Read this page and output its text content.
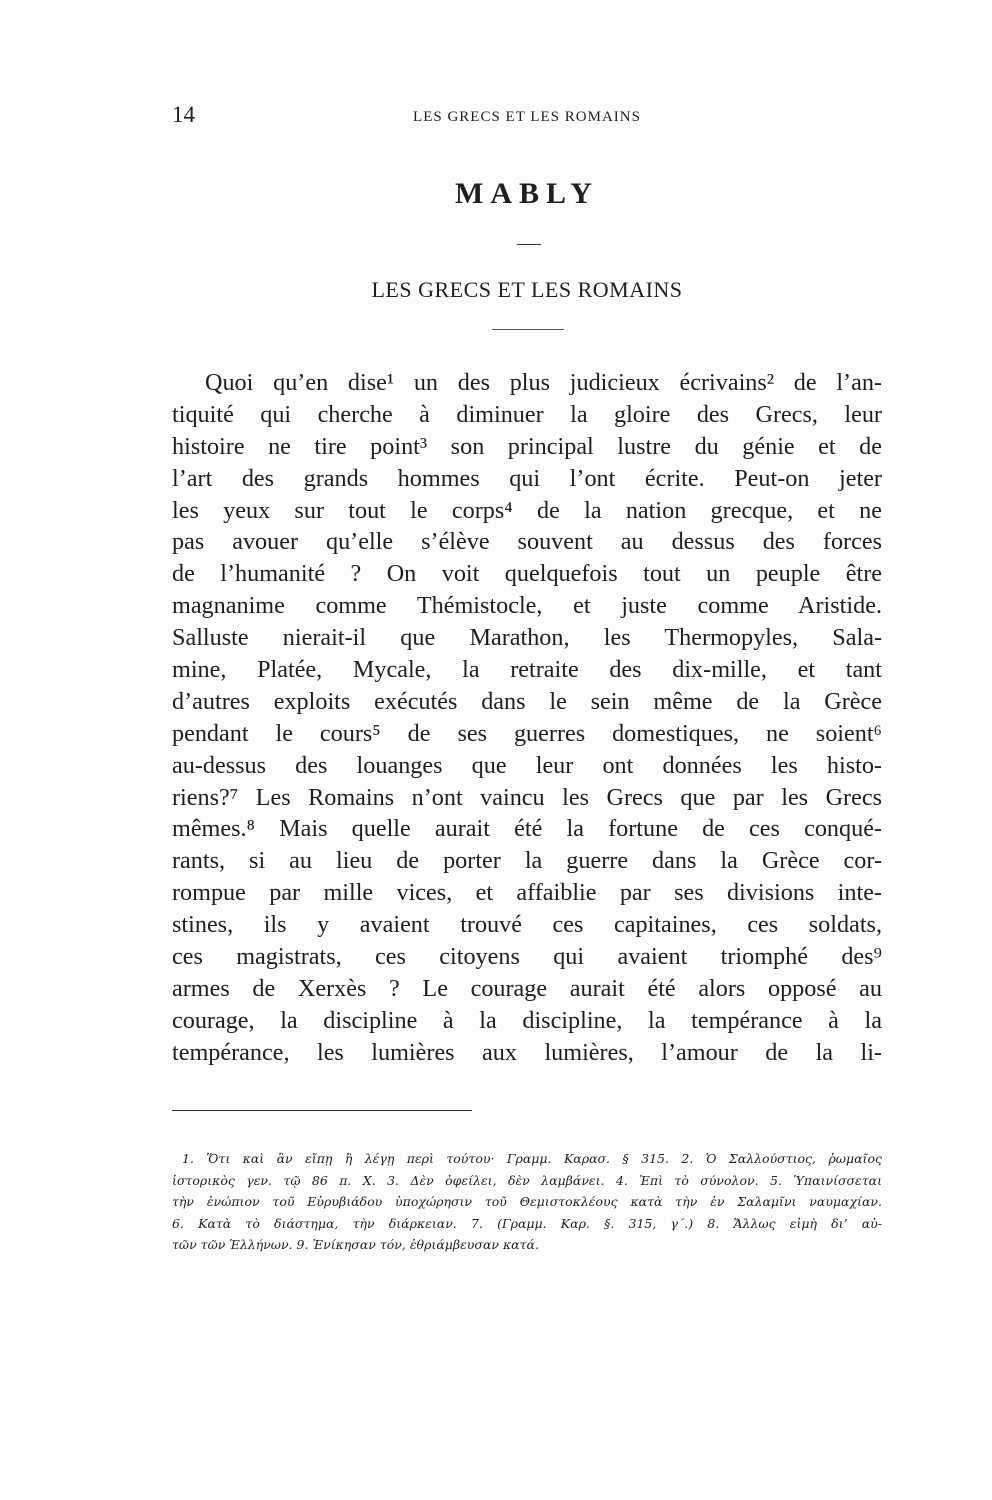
14	LES GRECS ET LES ROMAINS
MABLY
LES GRECS ET LES ROMAINS
Quoi qu’en dise¹ un des plus judicieux écrivains² de l’an-
tiquité qui cherche à diminuer la gloire des Grecs, leur
histoire ne tire point³ son principal lustre du génie et de
l’art des grands hommes qui l’ont écrite. Peut-on jeter
les yeux sur tout le corps⁴ de la nation grecque, et ne
pas avouer qu’elle s’élève souvent au dessus des forces
de l’humanité ? On voit quelquefois tout un peuple être
magnanime comme Thémistocle, et juste comme Aristide.
Salluste nierait-il que Marathon, les Thermopyles, Sala-
mine, Platée, Mycale, la retraite des dix-mille, et tant
d’autres exploits exécutés dans le sein même de la Grèce
pendant le cours⁵ de ses guerres domestiques, ne soient⁶
au-dessus des louanges que leur ont données les histo-
riens?⁷ Les Romains n’ont vaincu les Grecs que par les Grecs
mêmes.⁸ Mais quelle aurait été la fortune de ces conqué-
rants, si au lieu de porter la guerre dans la Grèce cor-
rompue par mille vices, et affaiblie par ses divisions inte-
stines, ils y avaient trouvé ces capitaines, ces soldats,
ces magistrats, ces citoyens qui avaient triomphé des⁹
armes de Xerxès ? Le courage aurait été alors opposé au
courage, la discipline à la discipline, la tempérance à la
tempérance, les lumières aux lumières, l’amour de la li-
1. Ὅτι καὶ ἂν εἴπῃ ἢ λέγῃ περὶ τούτου· Γραμμ. Καρασ. § 315. 2. Ὁ Σαλλούστιος, ῥωμαῖος
ἱστορικὸς γεν. τῷ 86 π. Χ. 3. Δὲν ὀφείλει, δὲν λαμβάνει. 4. Ἐπὶ τὸ σύνολον. 5. Ὑπαινίσσεται
τὴν ἐνώπιον τοῦ Εὐρυβιάδου ὑποχώρησιν τοῦ Θεμιστοκλέους κατὰ τὴν ἐν Σαλαμῖνι ναυμαχίαν.
6. Κατὰ τὸ διάστημα, τὴν διάρκειαν. 7. (Γραμμ. Καρ. §. 315, γ´.) 8. Ἄλλως εἰμὴ δι’ αὐ-
τῶν τῶν Ἑλλήνων. 9. Ἐνίκησαν τόν, ἐθριάμβευσαν κατά.
